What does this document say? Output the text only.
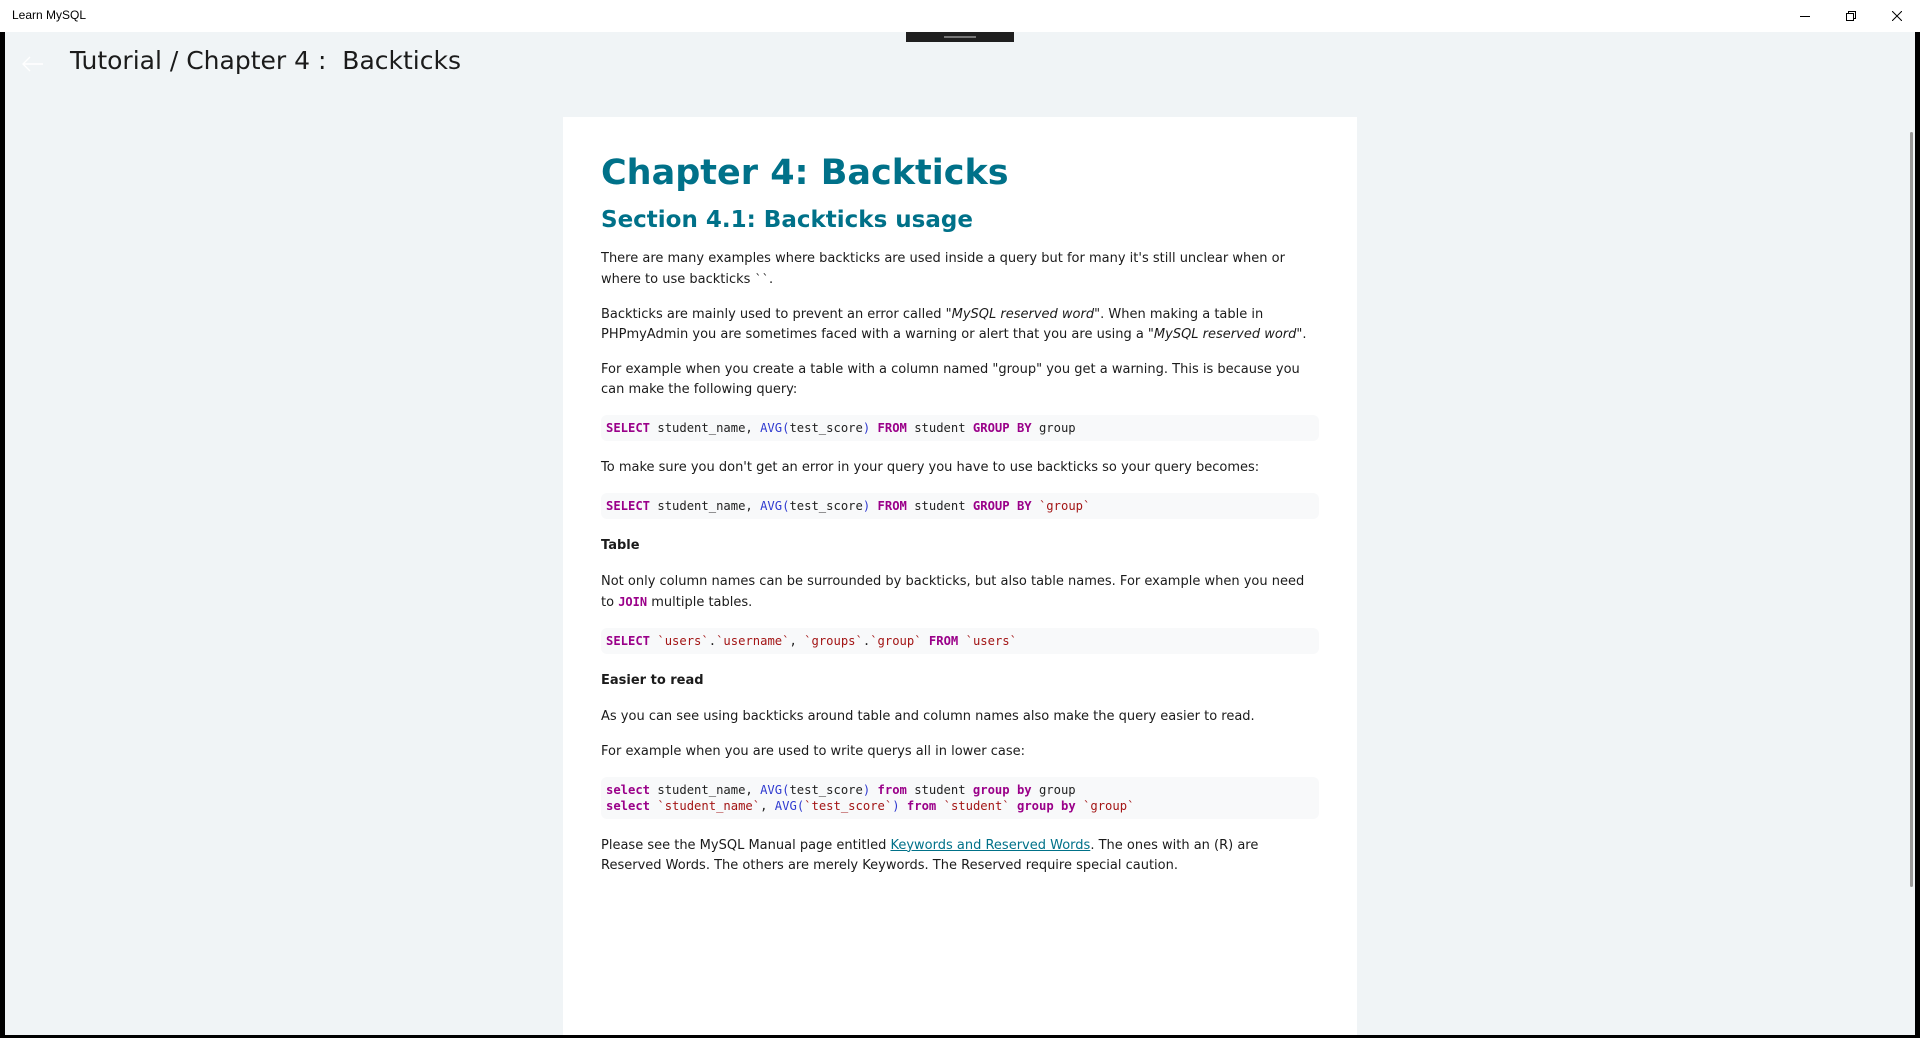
Learn MySQL
Tutorial / Chapter 4 :  Backticks
Chapter 4: Backticks
Section 4.1: Backticks usage

There are many examples where backticks are used inside a query but for many it's still unclear when or where to use backticks ``.

Backticks are mainly used to prevent an error called "MySQL reserved word". When making a table in PHPmyAdmin you are sometimes faced with a warning or alert that you are using a "MySQL reserved word".

For example when you create a table with a column named "group" you get a warning. This is because you can make the following query:

SELECT student_name, AVG(test_score) FROM student GROUP BY group

To make sure you don't get an error in your query you have to use backticks so your query becomes:

SELECT student_name, AVG(test_score) FROM student GROUP BY `group`

Table

Not only column names can be surrounded by backticks, but also table names. For example when you need to JOIN multiple tables.

SELECT `users`.`username`, `groups`.`group` FROM `users`

Easier to read

As you can see using backticks around table and column names also make the query easier to read.

For example when you are used to write querys all in lower case:

select student_name, AVG(test_score) from student group by group
select `student_name`, AVG(`test_score`) from `student` group by `group`

Please see the MySQL Manual page entitled Keywords and Reserved Words. The ones with an (R) are Reserved Words. The others are merely Keywords. The Reserved require special caution.
